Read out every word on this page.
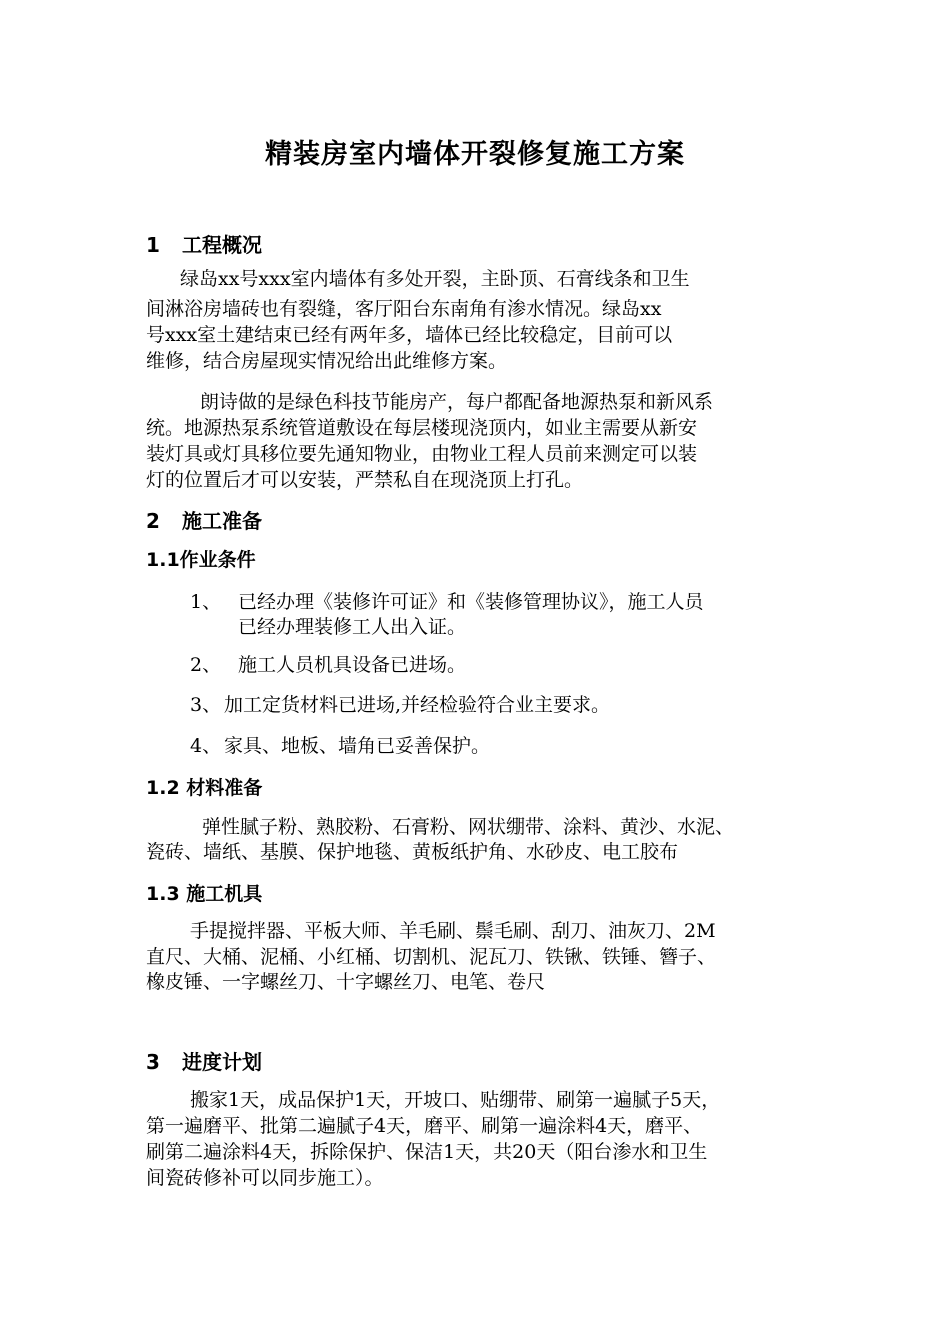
精装房室内墙体开裂修复施工方案
1 工程概况
绿岛xx号xxx室内墙体有多处开裂，主卧顶、石膏线条和卫生
间淋浴房墙砖也有裂缝，客厅阳台东南角有渗水情况。绿岛xx
号xxx室土建结束已经有两年多，墙体已经比较稳定，目前可以
维修，结合房屋现实情况给出此维修方案。
朗诗做的是绿色科技节能房产，每户都配备地源热泵和新风系
统。地源热泵系统管道敷设在每层楼现浇顶内，如业主需要从新安
装灯具或灯具移位要先通知物业，由物业工程人员前来测定可以装
灯的位置后才可以安装，严禁私自在现浇顶上打孔。
2 施工准备
1.1作业条件
1、 已经办理《装修许可证》和《装修管理协议》，施工人员
已经办理装修工人出入证。
2、 施工人员机具设备已进场。
3、 加工定货材料已进场,并经检验符合业主要求。
4、 家具、地板、墙角已妥善保护。
1.2 材料准备
弹性腻子粉、熟胶粉、石膏粉、网状绷带、涂料、黄沙、水泥、
瓷砖、墙纸、基膜、保护地毯、黄板纸护角、水砂皮、电工胶布
1.3 施工机具
手提搅拌器、平板大师、羊毛刷、鬃毛刷、刮刀、油灰刀、2M
直尺、大桶、泥桶、小红桶、切割机、泥瓦刀、铁锹、铁锤、簪子、
橡皮锤、一字螺丝刀、十字螺丝刀、电笔、卷尺
3 进度计划
搬家1天，成品保护1天，开坡口、贴绷带、刷第一遍腻子5天，
第一遍磨平、批第二遍腻子4天，磨平、刷第一遍涂料4天，磨平、
刷第二遍涂料4天，拆除保护、保洁1天，共20天（阳台渗水和卫生
间瓷砖修补可以同步施工）。
